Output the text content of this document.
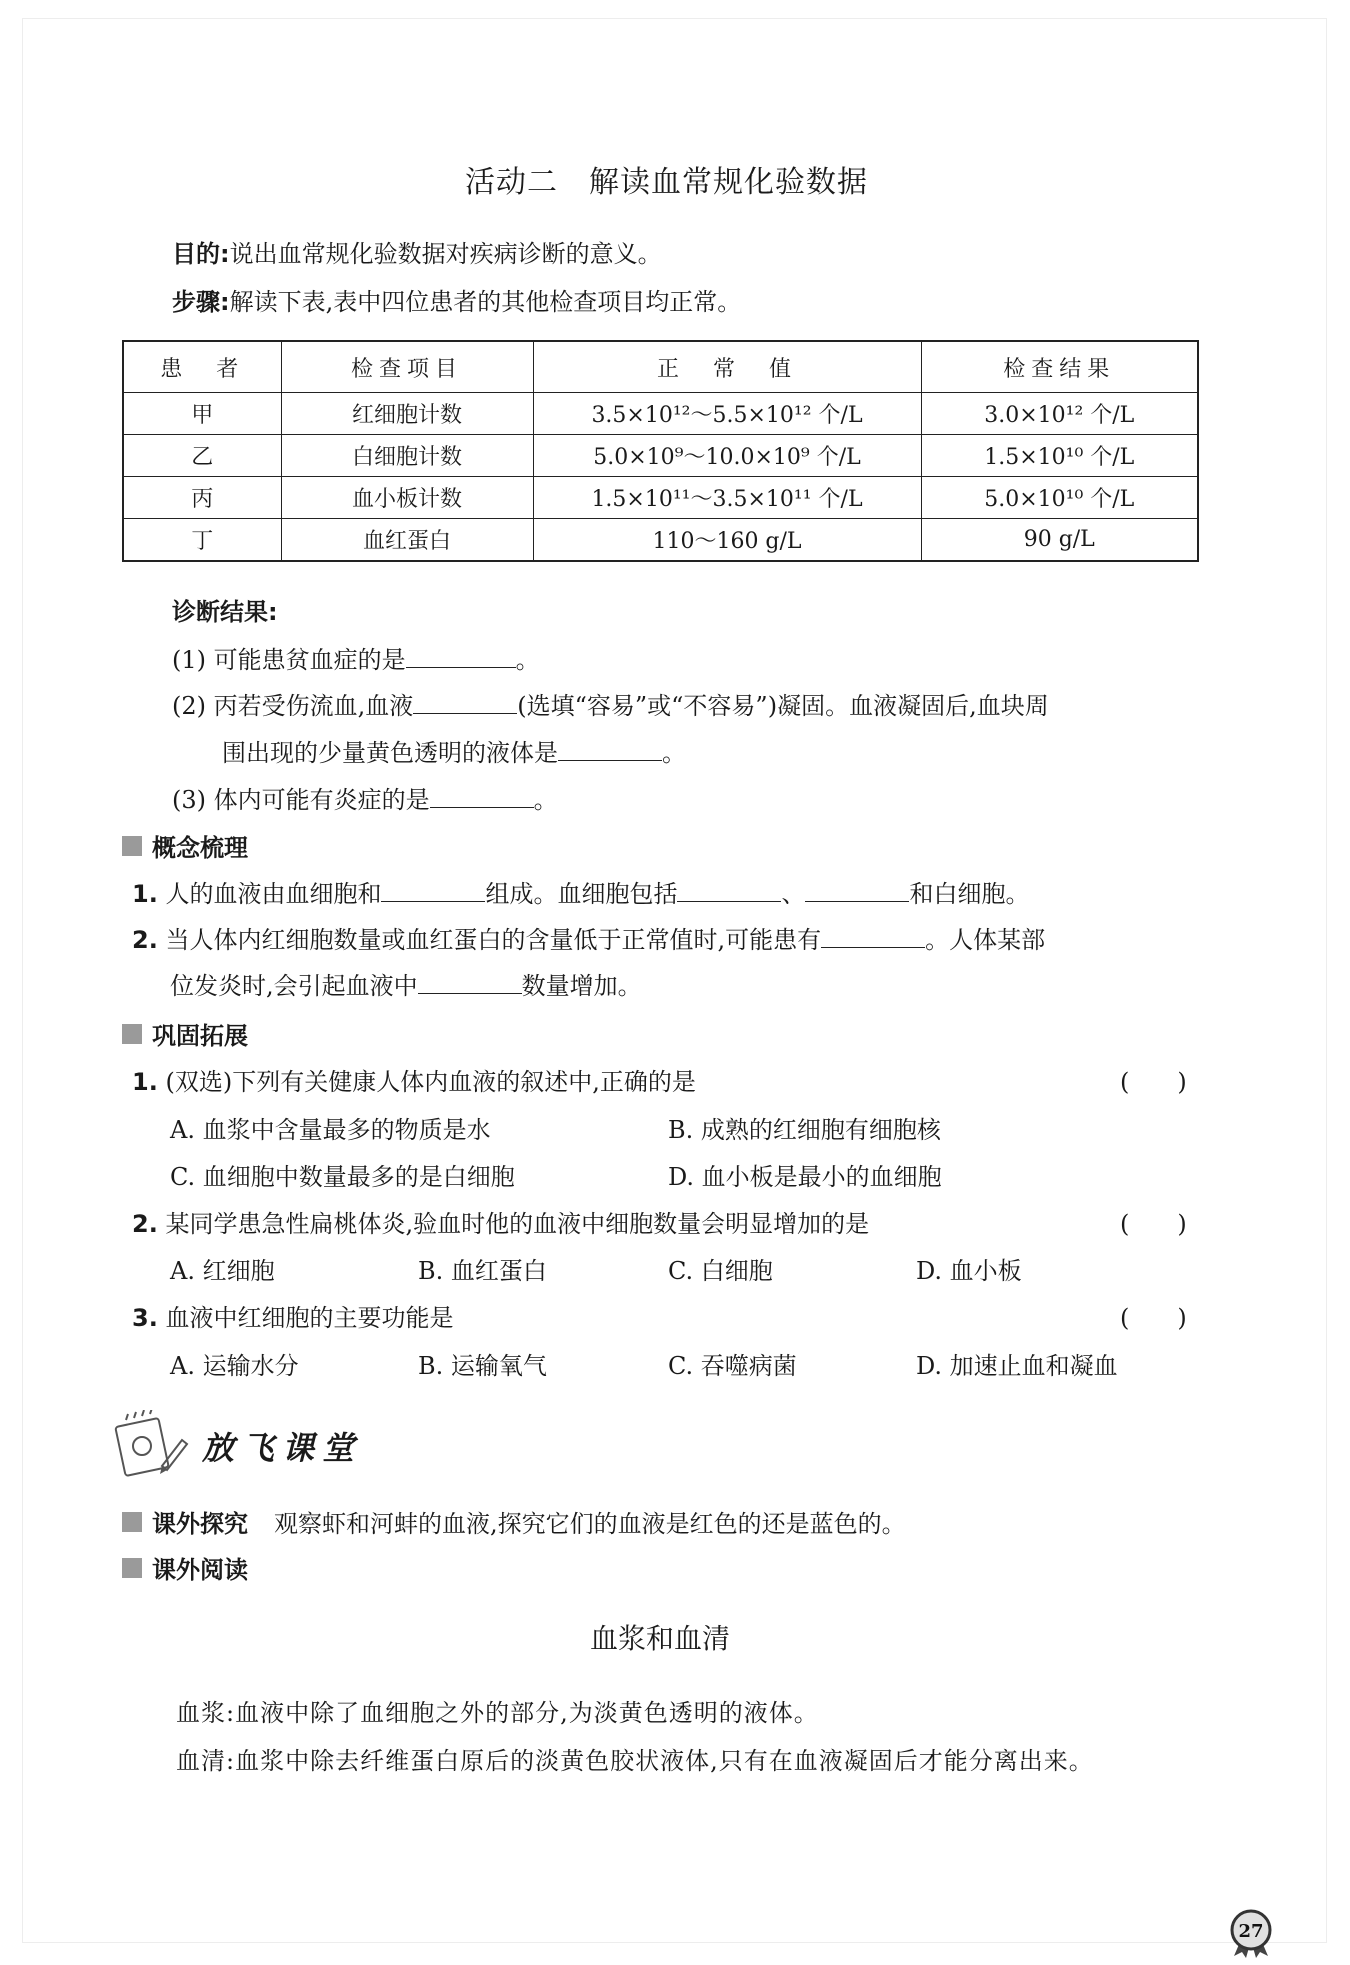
活动二　解读血常规化验数据
目的:说出血常规化验数据对疾病诊断的意义。
步骤:解读下表,表中四位患者的其他检查项目均正常。
患　者	检查项目	正　常　值	检查结果
甲	红细胞计数	3.5×10¹²～5.5×10¹² 个/L	3.0×10¹² 个/L
乙	白细胞计数	5.0×10⁹～10.0×10⁹ 个/L	1.5×10¹⁰ 个/L
丙	血小板计数	1.5×10¹¹～3.5×10¹¹ 个/L	5.0×10¹⁰ 个/L
丁	血红蛋白	110～160 g/L	90 g/L
诊断结果:
(1) 可能患贫血症的是	。
(2) 丙若受伤流血,血液	(选填“容易”或“不容易”)凝固。血液凝固后,血块周
围出现的少量黄色透明的液体是	。
(3) 体内可能有炎症的是	。
概念梳理
1. 人的血液由血细胞和	组成。血细胞包括	、	和白细胞。
2. 当人体内红细胞数量或血红蛋白的含量低于正常值时,可能患有	。人体某部
位发炎时,会引起血液中	数量增加。
巩固拓展
1. (双选)下列有关健康人体内血液的叙述中,正确的是	(　　)
A. 血浆中含量最多的物质是水	B. 成熟的红细胞有细胞核
C. 血细胞中数量最多的是白细胞	D. 血小板是最小的血细胞
2. 某同学患急性扁桃体炎,验血时他的血液中细胞数量会明显增加的是	(　　)
A. 红细胞	B. 血红蛋白	C. 白细胞	D. 血小板
3. 血液中红细胞的主要功能是	(　　)
A. 运输水分	B. 运输氧气	C. 吞噬病菌	D. 加速止血和凝血
放飞课堂
课外探究 观察虾和河蚌的血液,探究它们的血液是红色的还是蓝色的。
课外阅读
血浆和血清
血浆:血液中除了血细胞之外的部分,为淡黄色透明的液体。
血清:血浆中除去纤维蛋白原后的淡黄色胶状液体,只有在血液凝固后才能分离出来。
27
